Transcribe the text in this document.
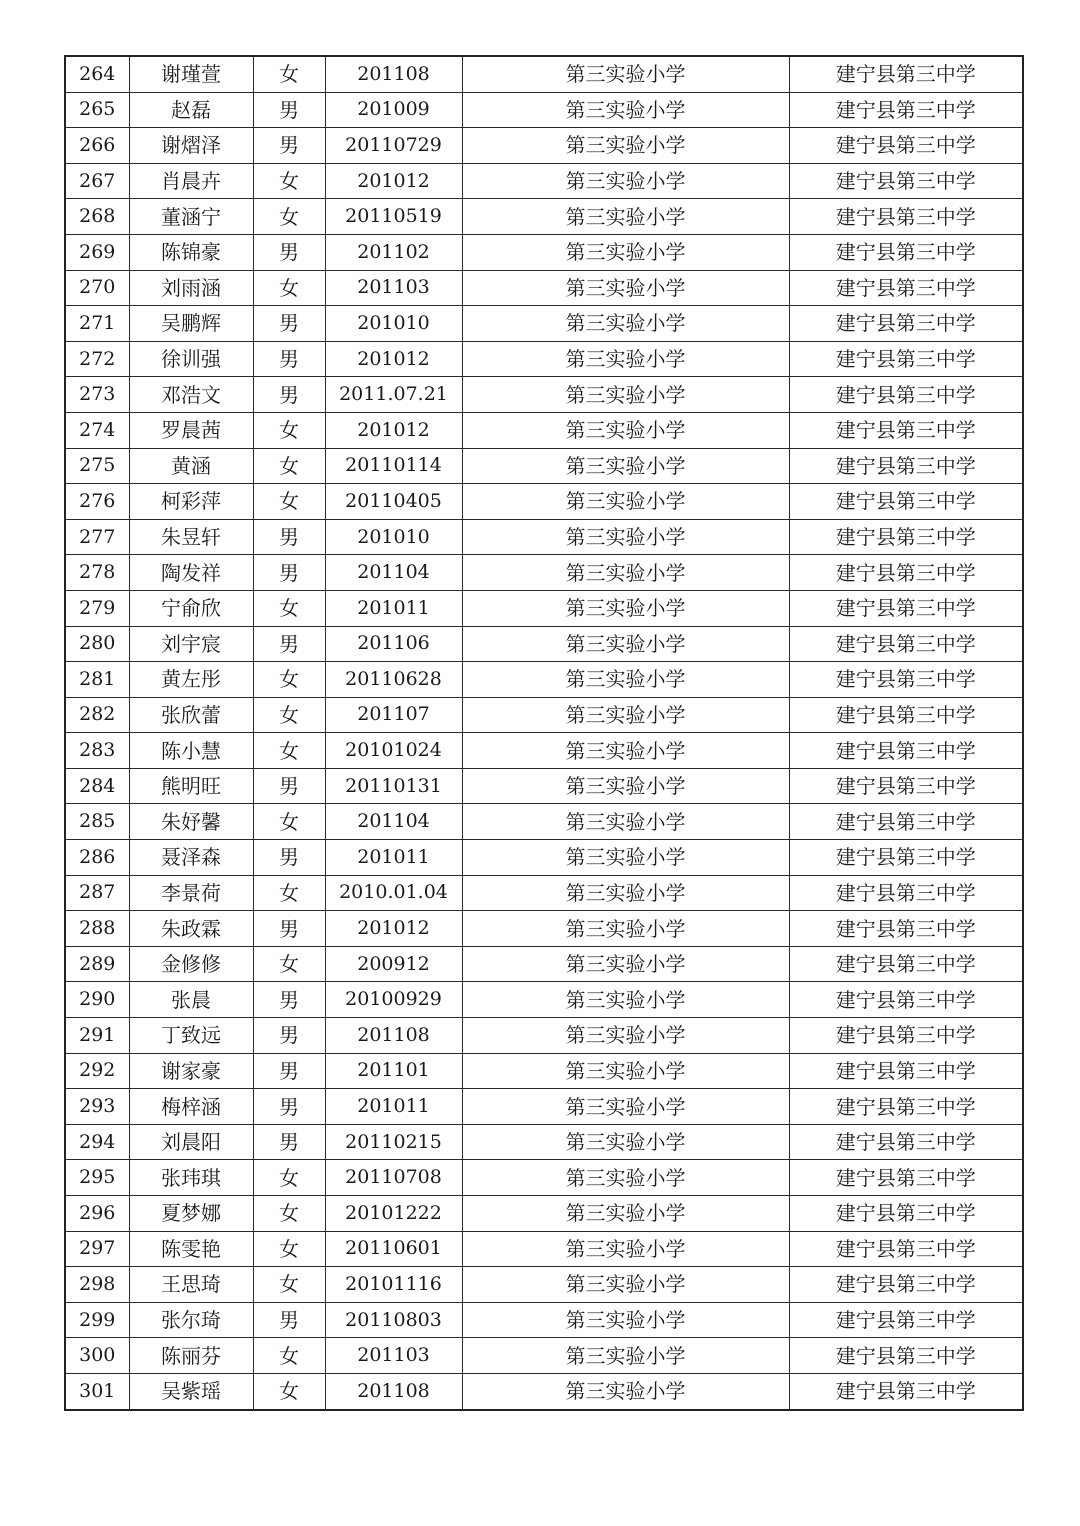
264	谢瑾萱	女	201108	第三实验小学	建宁县第三中学
265	赵磊	男	201009	第三实验小学	建宁县第三中学
266	谢熠泽	男	20110729	第三实验小学	建宁县第三中学
267	肖晨卉	女	201012	第三实验小学	建宁县第三中学
268	董涵宁	女	20110519	第三实验小学	建宁县第三中学
269	陈锦豪	男	201102	第三实验小学	建宁县第三中学
270	刘雨涵	女	201103	第三实验小学	建宁县第三中学
271	吴鹏辉	男	201010	第三实验小学	建宁县第三中学
272	徐训强	男	201012	第三实验小学	建宁县第三中学
273	邓浩文	男	2011.07.21	第三实验小学	建宁县第三中学
274	罗晨茜	女	201012	第三实验小学	建宁县第三中学
275	黄涵	女	20110114	第三实验小学	建宁县第三中学
276	柯彩萍	女	20110405	第三实验小学	建宁县第三中学
277	朱昱轩	男	201010	第三实验小学	建宁县第三中学
278	陶发祥	男	201104	第三实验小学	建宁县第三中学
279	宁俞欣	女	201011	第三实验小学	建宁县第三中学
280	刘宇宸	男	201106	第三实验小学	建宁县第三中学
281	黄左彤	女	20110628	第三实验小学	建宁县第三中学
282	张欣蕾	女	201107	第三实验小学	建宁县第三中学
283	陈小慧	女	20101024	第三实验小学	建宁县第三中学
284	熊明旺	男	20110131	第三实验小学	建宁县第三中学
285	朱妤馨	女	201104	第三实验小学	建宁县第三中学
286	聂泽森	男	201011	第三实验小学	建宁县第三中学
287	李景荷	女	2010.01.04	第三实验小学	建宁县第三中学
288	朱政霖	男	201012	第三实验小学	建宁县第三中学
289	金修修	女	200912	第三实验小学	建宁县第三中学
290	张晨	男	20100929	第三实验小学	建宁县第三中学
291	丁致远	男	201108	第三实验小学	建宁县第三中学
292	谢家豪	男	201101	第三实验小学	建宁县第三中学
293	梅梓涵	男	201011	第三实验小学	建宁县第三中学
294	刘晨阳	男	20110215	第三实验小学	建宁县第三中学
295	张玮琪	女	20110708	第三实验小学	建宁县第三中学
296	夏梦娜	女	20101222	第三实验小学	建宁县第三中学
297	陈雯艳	女	20110601	第三实验小学	建宁县第三中学
298	王思琦	女	20101116	第三实验小学	建宁县第三中学
299	张尔琦	男	20110803	第三实验小学	建宁县第三中学
300	陈丽芬	女	201103	第三实验小学	建宁县第三中学
301	吴紫瑶	女	201108	第三实验小学	建宁县第三中学
